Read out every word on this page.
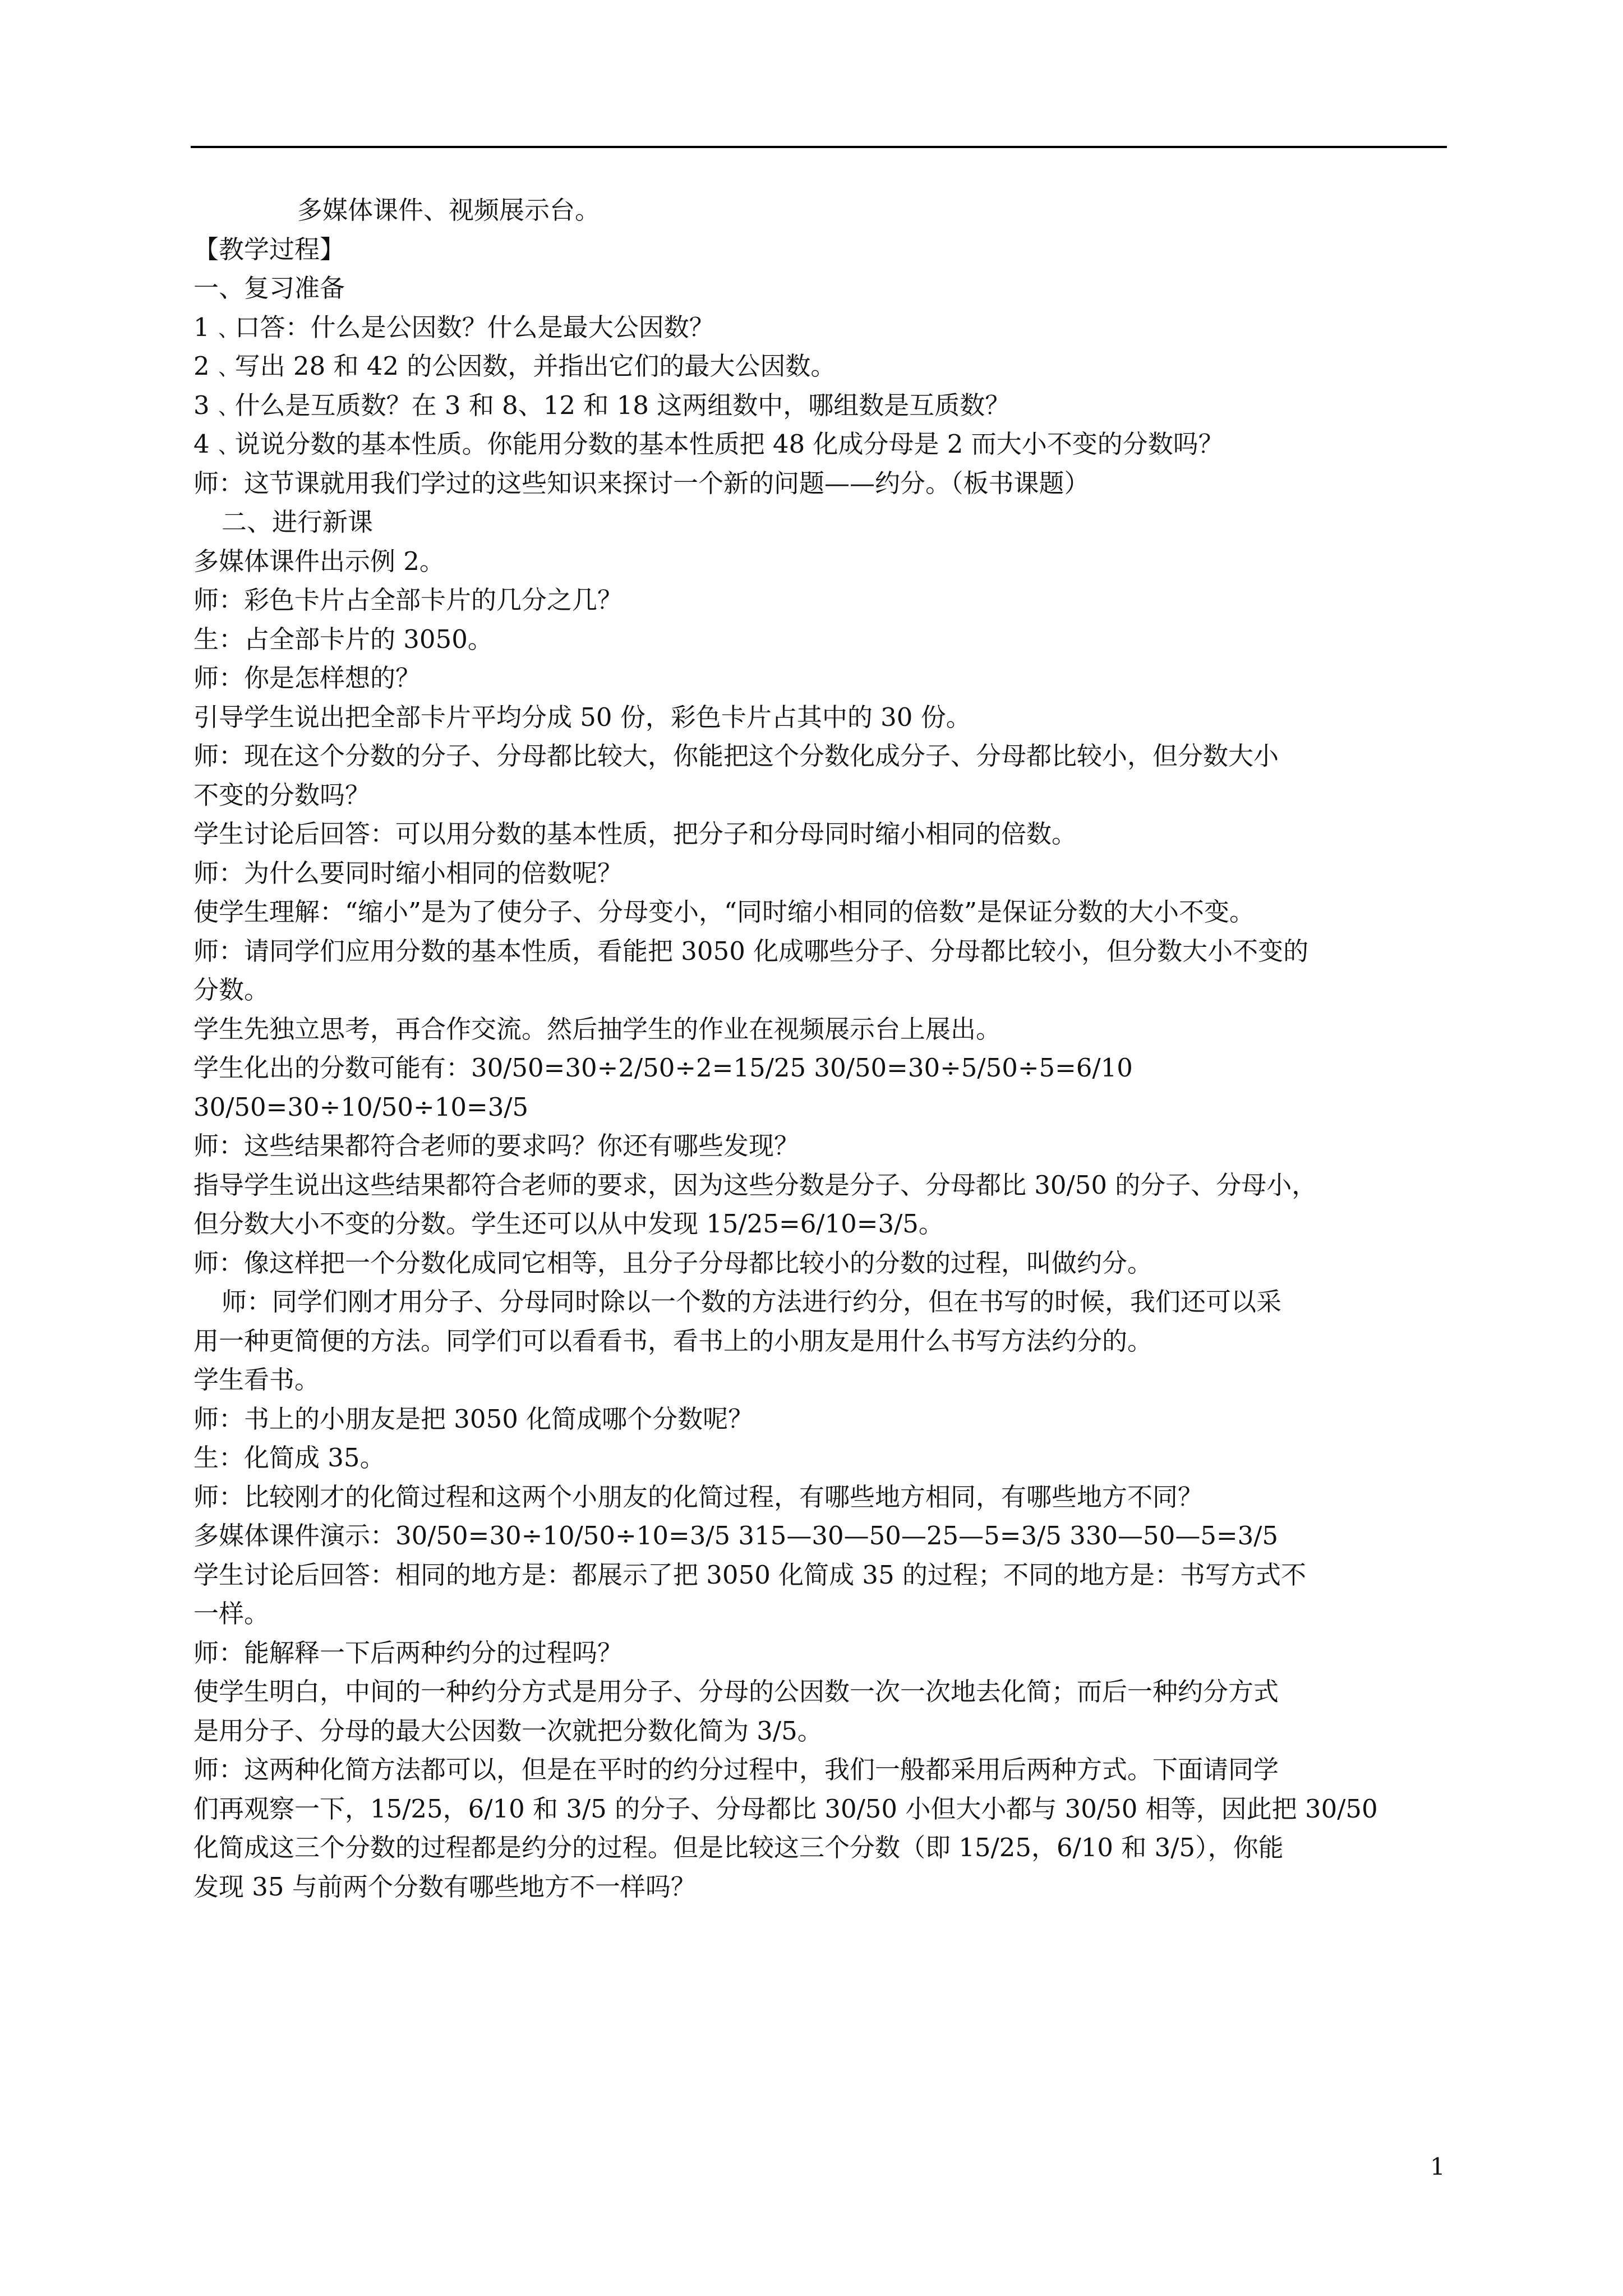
多媒体课件、视频展示台。
【教学过程】
一、复习准备
1﹑口答：什么是公因数？什么是最大公因数？
2﹑写出 28 和 42 的公因数，并指出它们的最大公因数。
3﹑什么是互质数？在 3 和 8、12 和 18 这两组数中，哪组数是互质数？
4﹑说说分数的基本性质。你能用分数的基本性质把 48 化成分母是 2 而大小不变的分数吗？
师：这节课就用我们学过的这些知识来探讨一个新的问题——约分。（板书课题）
二、进行新课
多媒体课件出示例 2。
师：彩色卡片占全部卡片的几分之几？
生：占全部卡片的 3050。
师：你是怎样想的？
引导学生说出把全部卡片平均分成 50 份，彩色卡片占其中的 30 份。
师：现在这个分数的分子、分母都比较大，你能把这个分数化成分子、分母都比较小，但分数大小
不变的分数吗？
学生讨论后回答：可以用分数的基本性质，把分子和分母同时缩小相同的倍数。
师：为什么要同时缩小相同的倍数呢？
使学生理解：“缩小”是为了使分子、分母变小，“同时缩小相同的倍数”是保证分数的大小不变。
师：请同学们应用分数的基本性质，看能把 3050 化成哪些分子、分母都比较小，但分数大小不变的
分数。
学生先独立思考，再合作交流。然后抽学生的作业在视频展示台上展出。
学生化出的分数可能有：30/50=30÷2/50÷2=15/25 30/50=30÷5/50÷5=6/10
30/50=30÷10/50÷10=3/5
师：这些结果都符合老师的要求吗？你还有哪些发现？
指导学生说出这些结果都符合老师的要求，因为这些分数是分子、分母都比 30/50 的分子、分母小，
但分数大小不变的分数。学生还可以从中发现 15/25=6/10=3/5。
师：像这样把一个分数化成同它相等，且分子分母都比较小的分数的过程，叫做约分。
师：同学们刚才用分子、分母同时除以一个数的方法进行约分，但在书写的时候，我们还可以采
用一种更简便的方法。同学们可以看看书，看书上的小朋友是用什么书写方法约分的。
学生看书。
师：书上的小朋友是把 3050 化简成哪个分数呢？
生：化简成 35。
师：比较刚才的化简过程和这两个小朋友的化简过程，有哪些地方相同，有哪些地方不同？
多媒体课件演示：30/50=30÷10/50÷10=3/5 315—30—50—25—5=3/5 330—50—5=3/5
学生讨论后回答：相同的地方是：都展示了把 3050 化简成 35 的过程；不同的地方是：书写方式不
一样。
师：能解释一下后两种约分的过程吗？
使学生明白，中间的一种约分方式是用分子、分母的公因数一次一次地去化简；而后一种约分方式
是用分子、分母的最大公因数一次就把分数化简为 3/5。
师：这两种化简方法都可以，但是在平时的约分过程中，我们一般都采用后两种方式。下面请同学
们再观察一下，15/25，6/10 和 3/5 的分子、分母都比 30/50 小但大小都与 30/50 相等，因此把 30/50
化简成这三个分数的过程都是约分的过程。但是比较这三个分数（即 15/25，6/10 和 3/5），你能
发现 35 与前两个分数有哪些地方不一样吗？
1
